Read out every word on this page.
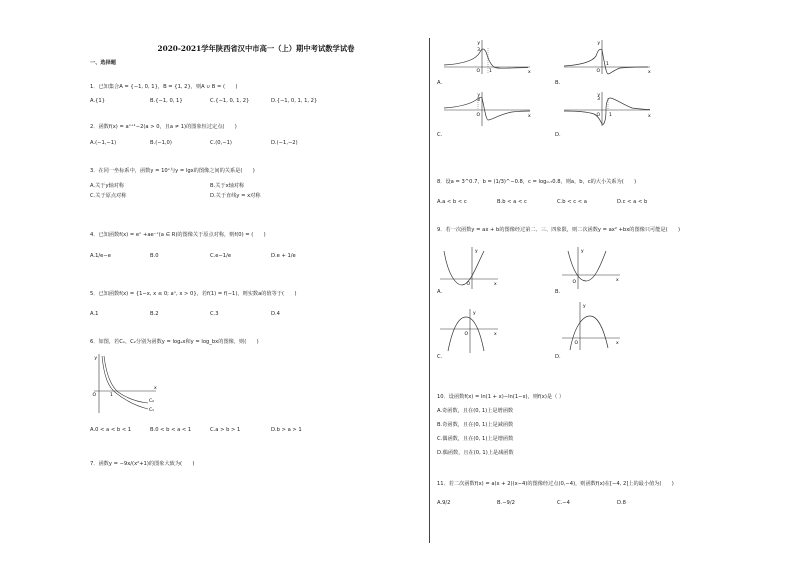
2020-2021学年陕西省汉中市高一（上）期中考试数学试卷
一、选择题
1．已知集合A = {−1, 0, 1}，B = {1, 2}，则A ∪ B = (　　)
A.{1}	B.{−1, 0, 1}	C.{−1, 0, 1, 2}	D.{−1, 0, 1, 1, 2}
2．函数f(x) = aˣ⁺¹−2(a > 0，且a ≠ 1)的图象恒过定点(　　)
A.(−1,−1)	B.(−1,0)	C.(0,−1)	D.(−1,−2)
3．在同一坐标系中，函数y = 10ˣ与y = lgx的图像之间的关系是(　　)
A.关于y轴对称	B.关于x轴对称
C.关于原点对称	D.关于直线y = x对称
4．已知函数f(x) = eˣ +ae⁻ˣ(a ∈ R)的图像关于原点对称，则f(0) = (　　)
A.1/e−e	B.0	C.e−1/e	D.e + 1/e
5．已知函数f(x) = {1−x, x ≤ 0; aˣ, x > 0}，若f(1) = f(−1)，则实数a的值等于(　　)
A.1	B.2	C.3	D.4
6．如图，若C₁，C₂分别为函数y = logₐx和y = log_bx的图像，则(　　)
y
x
O	1
C₁
C₂
A.0 < a < b < 1	B.0 < b < a < 1	C.a > b > 1	D.b > a > 1
7．函数y = −9x/(x²+1)的图象大致为(　　)
y
x
O 1
3
A.
y
x
O
1
B.
y
x
O
3
C.
y
x
O 1
3
D.
8．设a = 3^0.7，b = (1/3)^−0.8，c = log₀.₇0.8，则a，b，c的大小关系为(　　)
A.a < b < c	B.b < a < c	C.b < c < a	D.c < a < b
9．若一次函数y = ax + b的图像经过第二、三、四象限，则二次函数y = ax² +bx的图像只可能是(　　)
y
x
O
A.
y
x
O
B.
y
x
O
C.
y
x
O
D.
10．设函数f(x) = ln(1 + x)−ln(1−x)，则f(x)是（ ）
A.奇函数，且在(0, 1)上是增函数
B.奇函数，且在(0, 1)上是减函数
C.偶函数，且在(0, 1)上是增函数
D.偶函数，且在(0, 1)上是减函数
11．若二次函数f(x) = a(x + 2)(x−4)的图像经过点(0,−4)，则函数f(x)在[−4, 2]上的最小值为(　　)
A.9/2	B.−9/2	C.−4	D.8
